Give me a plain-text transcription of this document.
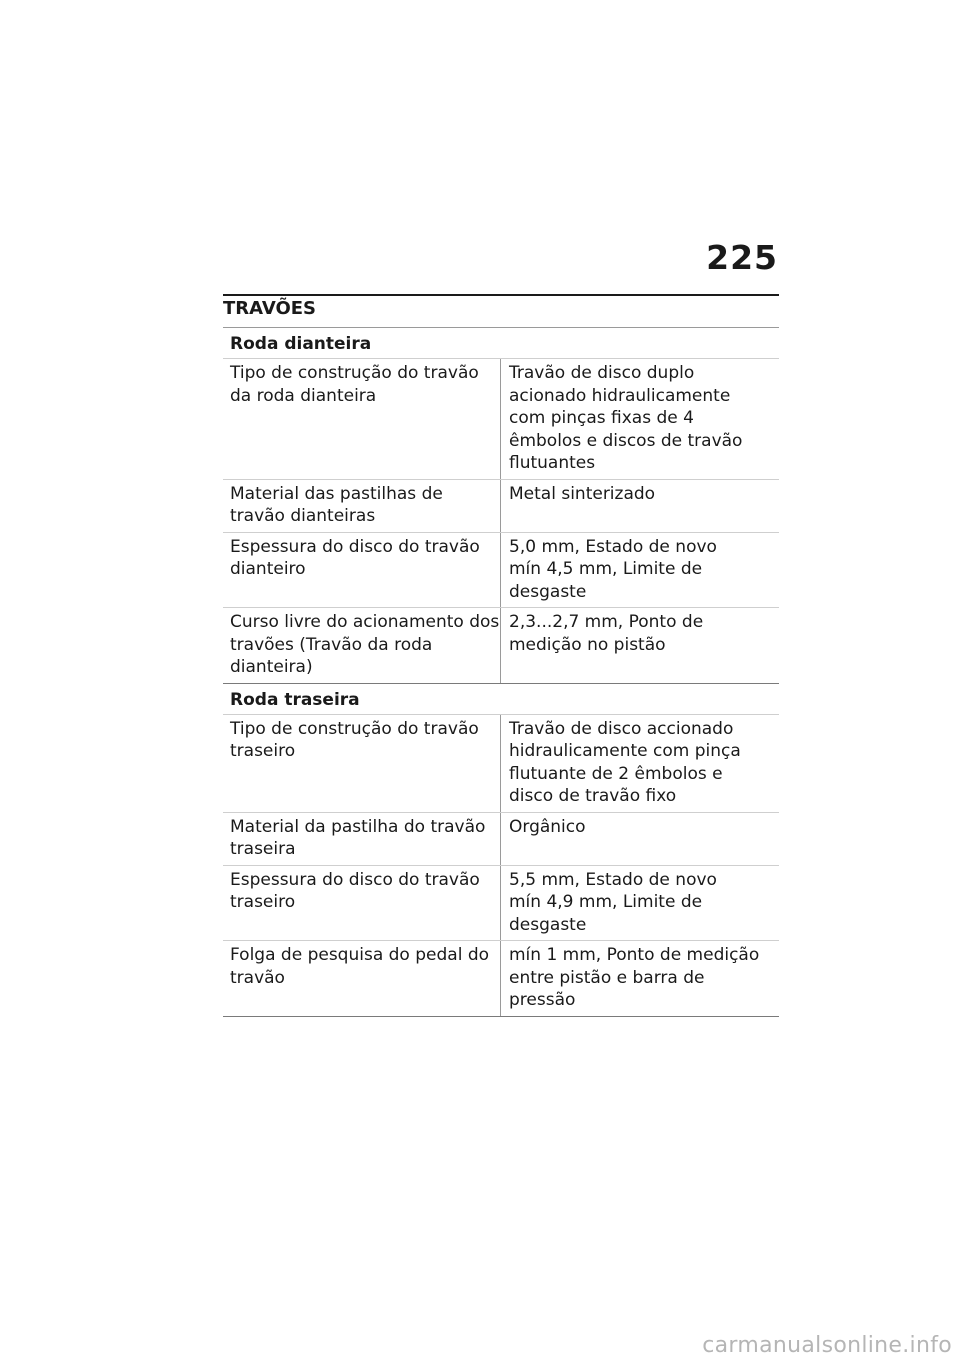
225
TRAVÕES
Roda dianteira
Tipo de construção do travão da roda dianteira
Travão de disco duplo acionado hidraulicamente com pinças fixas de 4 êmbolos e discos de travão flutuantes
Material das pastilhas de travão dianteiras
Metal sinterizado
Espessura do disco do travão dianteiro
5,0 mm, Estado de novo
mín 4,5 mm, Limite de desgaste
Curso livre do acionamento dos travões (Travão da roda dianteira)
2,3...2,7 mm, Ponto de medição no pistão
Roda traseira
Tipo de construção do travão traseiro
Travão de disco accionado hidraulicamente com pinça flutuante de 2 êmbolos e disco de travão fixo
Material da pastilha do travão traseira
Orgânico
Espessura do disco do travão traseiro
5,5 mm, Estado de novo
mín 4,9 mm, Limite de desgaste
Folga de pesquisa do pedal do travão
mín 1 mm, Ponto de medição entre pistão e barra de pressão
carmanualsonline.info
